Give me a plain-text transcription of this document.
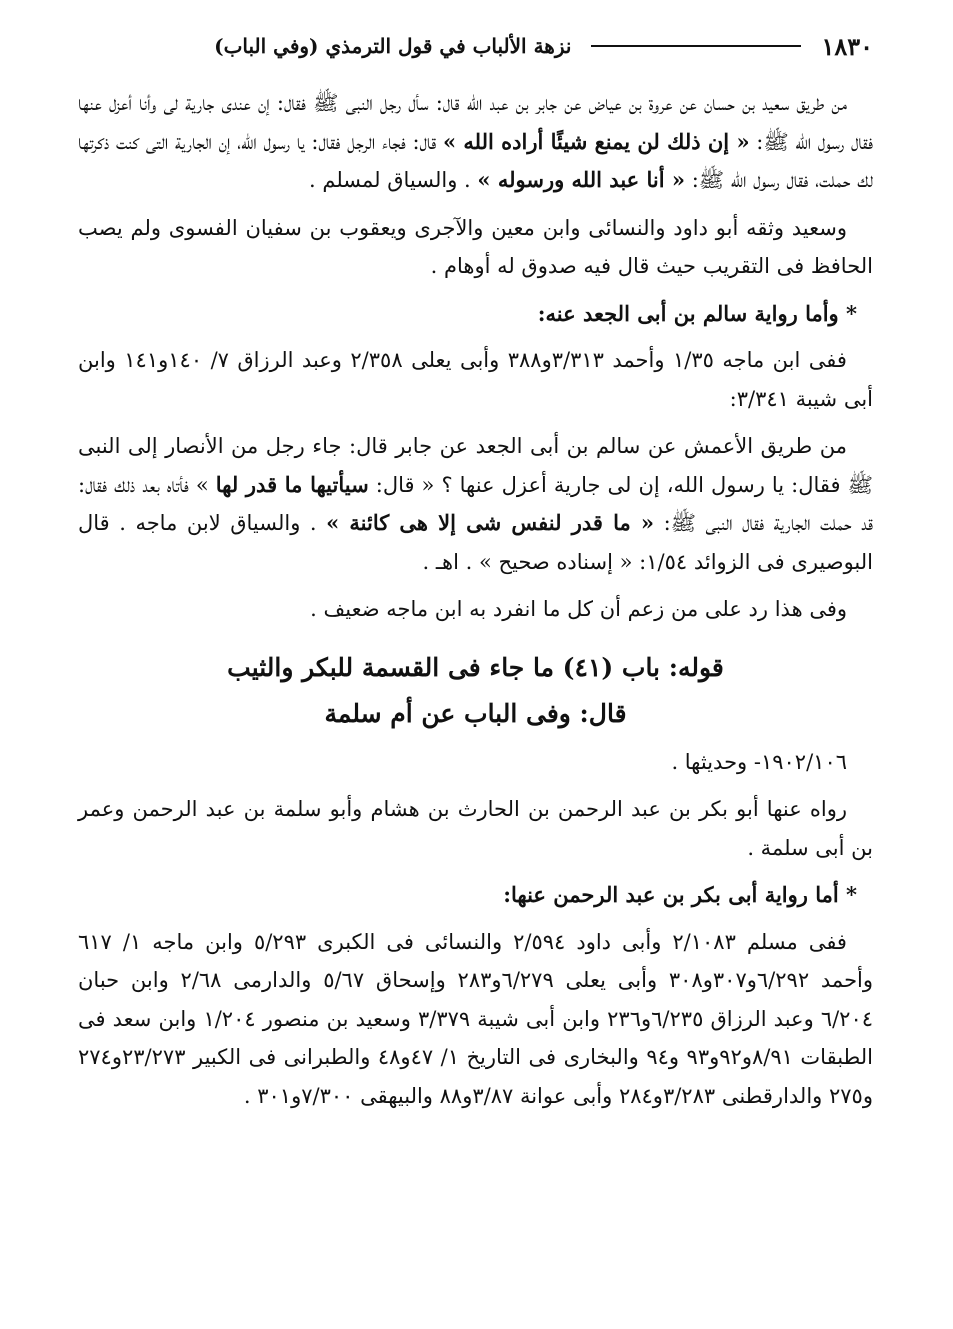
١٨٣٠
نزهة الألباب في قول الترمذي (وفي الباب)

من طريق سعيد بن حسان عن عروة بن عياض عن جابر بن عبد الله قال: سأل رجل النبى ﷺ فقال: إن عندى جارية لى وأنا أعزل عنها فقال رسول الله ﷺ: « إن ذلك لن يمنع شيئًا أراده الله » قال: فجاء الرجل فقال: يا رسول الله، إن الجارية التى كنت ذكرتها لك حملت، فقال رسول الله ﷺ: « أنا عبد الله ورسوله » . والسياق لمسلم .

وسعيد وثقه أبو داود والنسائى وابن معين والآجرى ويعقوب بن سفيان الفسوى ولم يصب الحافظ فى التقريب حيث قال فيه صدوق له أوهام .

* وأما رواية سالم بن أبى الجعد عنه:

ففى ابن ماجه ١/٣٥ وأحمد ٣/٣١٣و٣٨٨ وأبى يعلى ٢/٣٥٨ وعبد الرزاق ٧/ ١٤٠و١٤١ وابن أبى شيبة ٣/٣٤١:

من طريق الأعمش عن سالم بن أبى الجعد عن جابر قال: جاء رجل من الأنصار إلى النبى ﷺ فقال: يا رسول الله، إن لى جارية أعزل عنها ؟ « قال: سيأتيها ما قدر لها » فأتاه بعد ذلك فقال: قد حملت الجارية فقال النبى ﷺ: « ما قدر لنفس شى إلا هى كائنة » . والسياق لابن ماجه . قال البوصيرى فى الزوائد ١/٥٤: « إسناده صحيح » . اهـ .

وفى هذا رد على من زعم أن كل ما انفرد به ابن ماجه ضعيف .

قوله: باب (٤١) ما جاء فى القسمة للبكر والثيب
قال: وفى الباب عن أم سلمة

١٩٠٢/١٠٦- وحديثها .

رواه عنها أبو بكر بن عبد الرحمن بن الحارث بن هشام وأبو سلمة بن عبد الرحمن وعمر بن أبى سلمة .

* أما رواية أبى بكر بن عبد الرحمن عنها:

ففى مسلم ٢/١٠٨٣ وأبى داود ٢/٥٩٤ والنسائى فى الكبرى ٥/٢٩٣ وابن ماجه ١/ ٦١٧ وأحمد ٦/٢٩٢و٣٠٧و٣٠٨ وأبى يعلى ٦/٢٧٩و٢٨٣ وإسحاق ٥/٦٧ والدارمى ٢/٦٨ وابن حبان ٦/٢٠٤ وعبد الرزاق ٦/٢٣٥و٢٣٦ وابن أبى شيبة ٣/٣٧٩ وسعيد بن منصور ١/٢٠٤ وابن سعد فى الطبقات ٨/٩١و٩٢و٩٣ و٩٤ والبخارى فى التاريخ ١/ ٤٧و٤٨ والطبرانى فى الكبير ٢٣/٢٧٣و٢٧٤ و٢٧٥ والدارقطنى ٣/٢٨٣و٢٨٤ وأبى عوانة ٣/٨٧و٨٨ والبيهقى ٧/٣٠٠و٣٠١ .
